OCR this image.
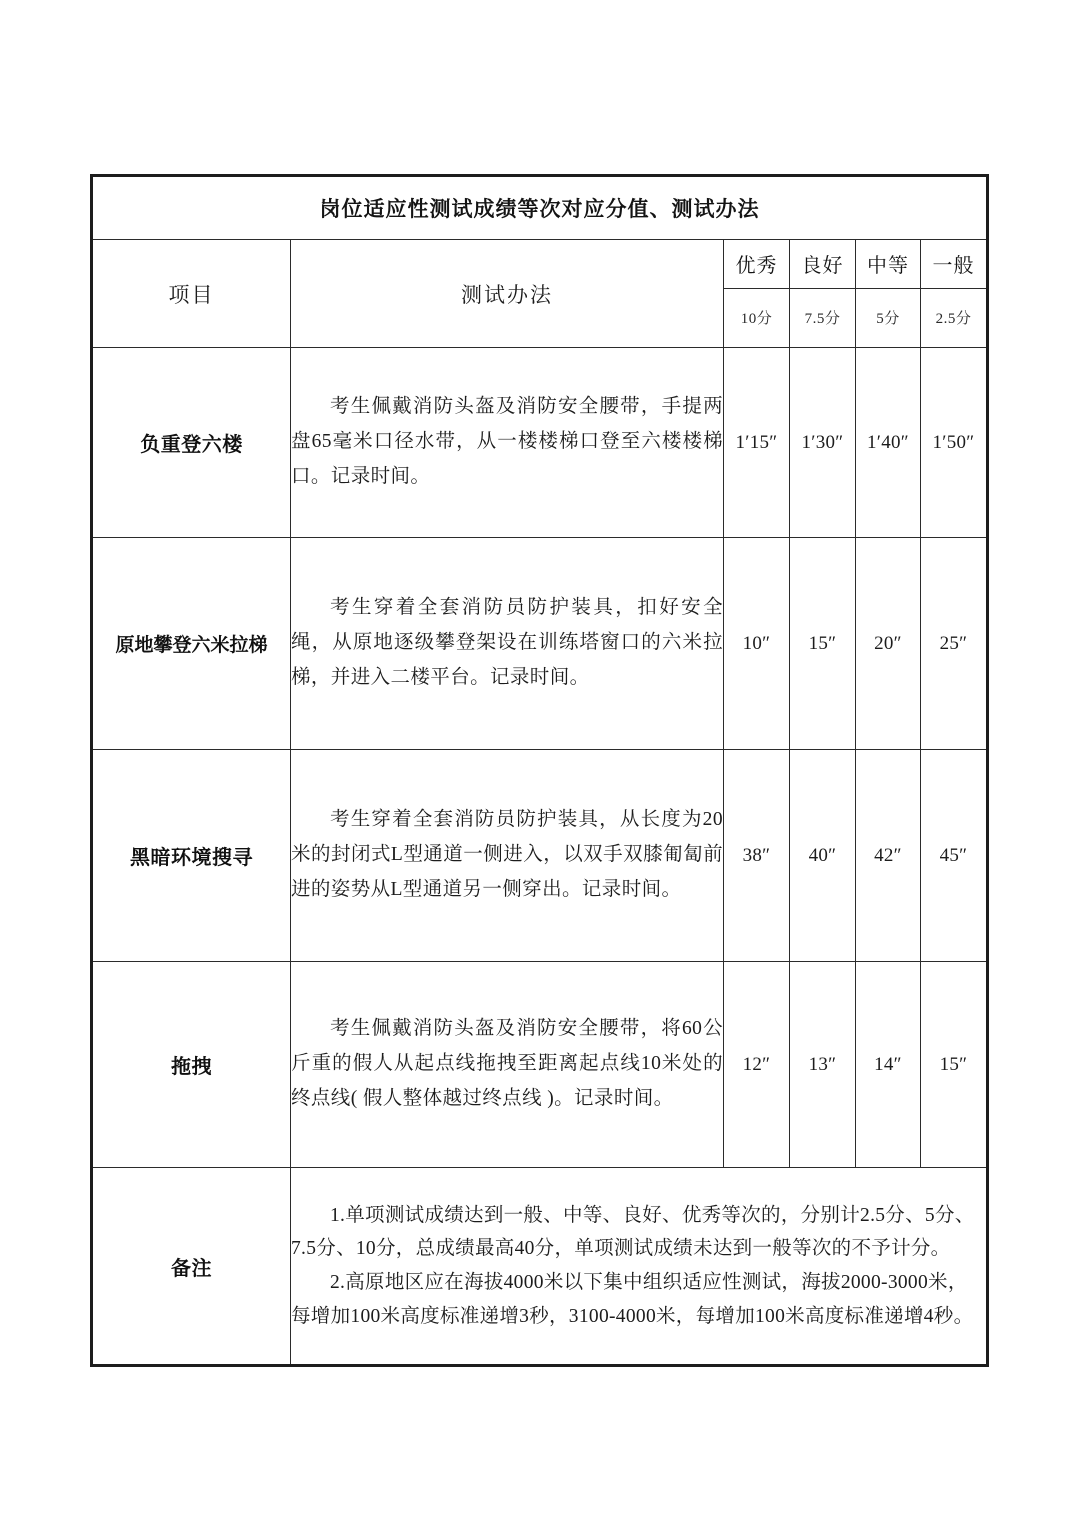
岗位适应性测试成绩等次对应分值、测试办法					
项目	测试办法	优秀	良好	中等	一般
		10分	7.5分	5分	2.5分
负重登六楼	考生佩戴消防头盔及消防安全腰带，手提两盘65毫米口径水带，从一楼楼梯口登至六楼楼梯口。记录时间。	1′15″	1′30″	1′40″	1′50″
原地攀登六米拉梯	考生穿着全套消防员防护装具，扣好安全绳，从原地逐级攀登架设在训练塔窗口的六米拉梯，并进入二楼平台。记录时间。	10″	15″	20″	25″
黑暗环境搜寻	考生穿着全套消防员防护装具，从长度为20米的封闭式L型通道一侧进入，以双手双膝匍匐前进的姿势从L型通道另一侧穿出。记录时间。	38″	40″	42″	45″
拖拽	考生佩戴消防头盔及消防安全腰带，将60公斤重的假人从起点线拖拽至距离起点线10米处的终点线( 假人整体越过终点线 )。记录时间。	12″	13″	14″	15″
备注	1.单项测试成绩达到一般、中等、良好、优秀等次的，分别计2.5分、5分、7.5分、10分，总成绩最高40分，单项测试成绩未达到一般等次的不予计分。

2.高原地区应在海拔4000米以下集中组织适应性测试，海拔2000-3000米，每增加100米高度标准递增3秒，3100-4000米，每增加100米高度标准递增4秒。				
